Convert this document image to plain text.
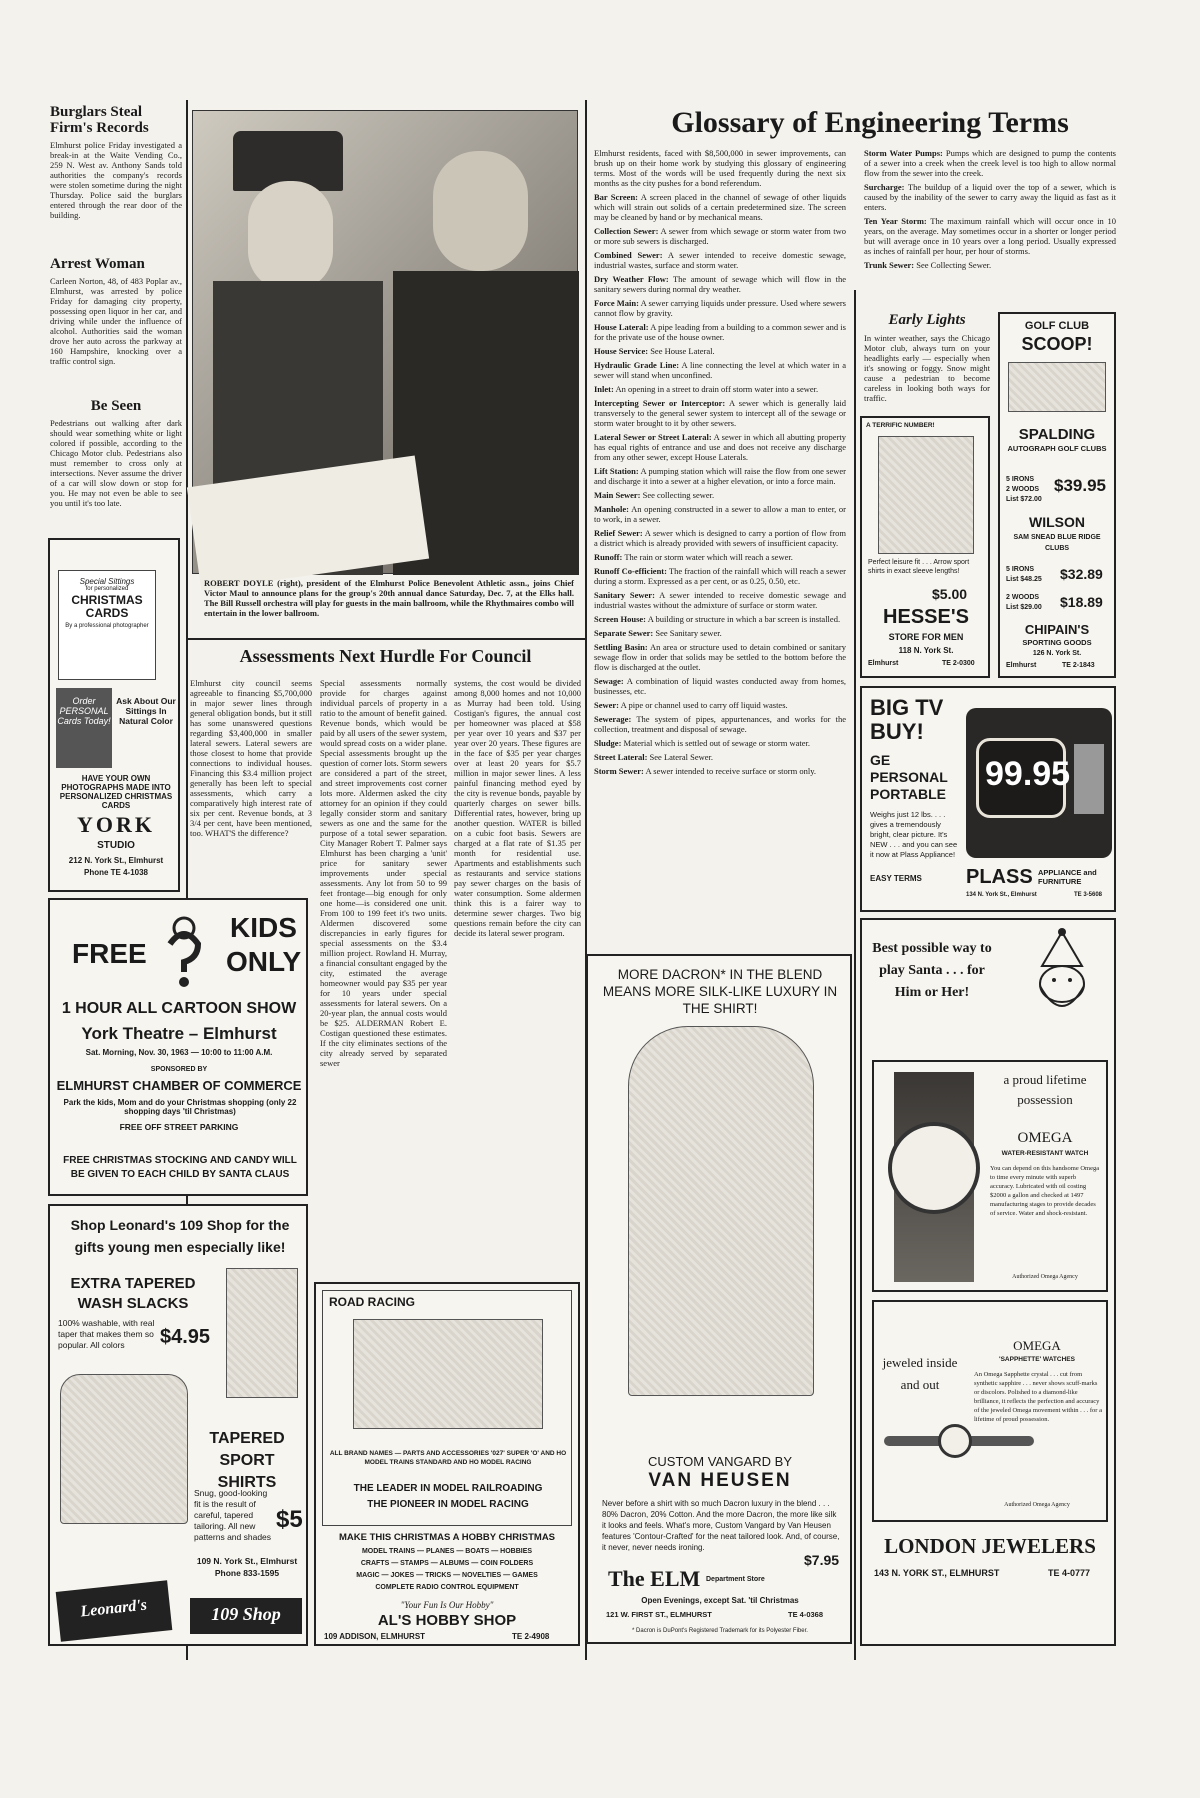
Burglars Steal Firm's Records
Elmhurst police Friday investigated a break-in at the Waite Vending Co., 259 N. West av. Anthony Sands told authorities the company's records were stolen sometime during the night Thursday. Police said the burglars entered through the rear door of the building.
Arrest Woman
Carleen Norton, 48, of 483 Poplar av., Elmhurst, was arrested by police Friday for damaging city property, possessing open liquor in her car, and driving while under the influence of alcohol. Authorities said the woman drove her auto across the parkway at 160 Hampshire, knocking over a traffic control sign.
Be Seen
Pedestrians out walking after dark should wear something white or light colored if possible, according to the Chicago Motor club. Pedestrians also must remember to cross only at intersections. Never assume the driver of a car will slow down or stop for you. He may not even be able to see you until it's too late.
ROBERT DOYLE (right), president of the Elmhurst Police Benevolent Athletic assn., joins Chief Victor Maul to announce plans for the group's 20th annual dance Saturday, Dec. 7, at the Elks hall. The Bill Russell orchestra will play for guests in the main ballroom, while the Rhythmaires combo will entertain in the lower ballroom.
Assessments Next Hurdle For Council
Elmhurst city council seems agreeable to financing $5,700,000 in major sewer lines through general obligation bonds, but it still has some unanswered questions regarding $3,400,000 in smaller lateral sewers. Lateral sewers are those closest to home that provide connections to individual houses. Financing this $3.4 million project generally has been left to special assessments, which carry a comparatively high interest rate of six per cent. Revenue bonds, at 3 3/4 per cent, have been mentioned, too. WHAT'S the difference?
Special assessments normally provide for charges against individual parcels of property in a ratio to the amount of benefit gained. Revenue bonds, which would be paid by all users of the sewer system, would spread costs on a wider plane. Special assessments brought up the question of corner lots. Storm sewers are considered a part of the street, and street improvements cost corner lots more. Aldermen asked the city attorney for an opinion if they could legally consider storm and sanitary sewers as one and the same for the purpose of a total sewer separation. City Manager Robert T. Palmer says Elmhurst has been charging a 'unit' price for sanitary sewer improvements under special assessments. Any lot from 50 to 99 feet frontage—big enough for only one home—is considered one unit. From 100 to 199 feet it's two units. Aldermen discovered some discrepancies in early figures for special assessments on the $3.4 million project. Rowland H. Murray, a financial consultant engaged by the city, estimated the average homeowner would pay $35 per year for 10 years under special assessments for lateral sewers. On a 20-year plan, the annual costs would be $25. ALDERMAN Robert E. Costigan questioned these estimates. If the city eliminates sections of the city already served by separated sewer
systems, the cost would be divided among 8,000 homes and not 10,000 as Murray had been told. Using Costigan's figures, the annual cost per homeowner was placed at $58 per year over 10 years and $37 per year over 20 years. These figures are in the face of $35 per year charges over at least 20 years for $5.7 million in major sewer lines. A less painful financing method eyed by the city is revenue bonds, payable by quarterly charges on sewer bills. Differential rates, however, bring up another question. WATER is billed on a cubic foot basis. Sewers are charged at a flat rate of $1.35 per month for residential use. Apartments and establishments such as restaurants and service stations pay sewer charges on the basis of water consumption. Some aldermen think this is a fairer way to determine sewer charges. Two big questions remain before the city can decide its lateral sewer program.
Glossary of Engineering Terms
Elmhurst residents, faced with $8,500,000 in sewer improvements, can brush up on their home work by studying this glossary of engineering terms. Most of the words will be used frequently during the next six months as the city pushes for a bond referendum.
Bar Screen: A screen placed in the channel of sewage of other liquids which will strain out solids of a certain predetermined size. The screen may be cleaned by hand or by mechanical means.
Collection Sewer: A sewer from which sewage or storm water from two or more sub sewers is discharged.
Combined Sewer: A sewer intended to receive domestic sewage, industrial wastes, surface and storm water.
Dry Weather Flow: The amount of sewage which will flow in the sanitary sewers during normal dry weather.
Force Main: A sewer carrying liquids under pressure. Used where sewers cannot flow by gravity.
House Lateral: A pipe leading from a building to a common sewer and is for the private use of the house owner.
House Service: See House Lateral.
Hydraulic Grade Line: A line connecting the level at which water in a sewer will stand when unconfined.
Inlet: An opening in a street to drain off storm water into a sewer.
Intercepting Sewer or Interceptor: A sewer which is generally laid transversely to the general sewer system to intercept all of the sewage or storm water brought to it by other sewers.
Lateral Sewer or Street Lateral: A sewer in which all abutting property has equal rights of entrance and use and does not receive any discharge from any other sewer, except House Laterals.
Lift Station: A pumping station which will raise the flow from one sewer and discharge it into a sewer at a higher elevation, or into a force main.
Main Sewer: See collecting sewer.
Manhole: An opening constructed in a sewer to allow a man to enter, or to work, in a sewer.
Relief Sewer: A sewer which is designed to carry a portion of flow from a district which is already provided with sewers of insufficient capacity.
Runoff: The rain or storm water which will reach a sewer.
Runoff Co-efficient: The fraction of the rainfall which will reach a sewer during a storm. Expressed as a per cent, or as 0.25, 0.50, etc.
Sanitary Sewer: A sewer intended to receive domestic sewage and industrial wastes without the admixture of surface or storm water.
Screen House: A building or structure in which a bar screen is installed.
Separate Sewer: See Sanitary sewer.
Settling Basin: An area or structure used to detain combined or sanitary sewage flow in order that solids may be settled to the bottom before the flow is discharged at the outlet.
Sewage: A combination of liquid wastes conducted away from homes, businesses, etc.
Sewer: A pipe or channel used to carry off liquid wastes.
Sewerage: The system of pipes, appurtenances, and works for the collection, treatment and disposal of sewage.
Sludge: Material which is settled out of sewage or storm water.
Street Lateral: See Lateral Sewer.
Storm Sewer: A sewer intended to receive surface or storm only.
Storm Water Pumps: Pumps which are designed to pump the contents of a sewer into a creek when the creek level is too high to allow normal flow from the sewer into the creek.
Surcharge: The buildup of a liquid over the top of a sewer, which is caused by the inability of the sewer to carry away the liquid as fast as it enters.
Ten Year Storm: The maximum rainfall which will occur once in 10 years, on the average. May sometimes occur in a shorter or longer period but will average once in 10 years over a long period. Usually expressed as inches of rainfall per hour, per hour of storms.
Trunk Sewer: See Collecting Sewer.
Early Lights
In winter weather, says the Chicago Motor club, always turn on your headlights early — especially when it's snowing or foggy. Snow might cause a pedestrian to become careless in looking both ways for traffic.
Special Sittings
for personalized
CHRISTMAS CARDS
By a professional photographer
Order PERSONAL Cards Today!
Ask About Our Sittings In Natural Color
HAVE YOUR OWN PHOTOGRAPHS MADE INTO PERSONALIZED CHRISTMAS CARDS
YORK
STUDIO
212 N. York St., Elmhurst
Phone TE 4-1038
FREE
KIDS
ONLY
1 HOUR ALL CARTOON SHOW
York Theatre – Elmhurst
Sat. Morning, Nov. 30, 1963 — 10:00 to 11:00 A.M.
SPONSORED BY
ELMHURST CHAMBER OF COMMERCE
Park the kids, Mom and do your Christmas shopping (only 22 shopping days 'til Christmas)
FREE OFF STREET PARKING
FREE CHRISTMAS STOCKING AND CANDY WILL BE GIVEN TO EACH CHILD BY SANTA CLAUS
Shop Leonard's 109 Shop for the gifts young men especially like!
EXTRA TAPERED WASH SLACKS
100% washable, with real taper that makes them so popular. All colors	$4.95
TAPERED SPORT SHIRTS
Snug, good-looking fit is the result of careful, tapered tailoring. All new patterns and shades
$5
109 N. York St., Elmhurst
Phone 833-1595
Leonard's	109 Shop
ROAD RACING
ALL BRAND NAMES — PARTS AND ACCESSORIES '027' SUPER 'O' AND HO MODEL TRAINS STANDARD AND HO MODEL RACING
THE LEADER IN MODEL RAILROADING
THE PIONEER IN MODEL RACING
MAKE THIS CHRISTMAS A HOBBY CHRISTMAS
MODEL TRAINS — PLANES — BOATS — HOBBIES
CRAFTS — STAMPS — ALBUMS — COIN FOLDERS
MAGIC — JOKES — TRICKS — NOVELTIES — GAMES
COMPLETE RADIO CONTROL EQUIPMENT
"Your Fun Is Our Hobby"
AL'S HOBBY SHOP
109 ADDISON, ELMHURST	TE 2-4908
MORE DACRON* IN THE BLEND MEANS MORE SILK-LIKE LUXURY IN THE SHIRT!
CUSTOM VANGARD BY
VAN HEUSEN
Never before a shirt with so much Dacron luxury in the blend . . . 80% Dacron, 20% Cotton. And the more Dacron, the more like silk it looks and feels. What's more, Custom Vangard by Van Heusen features 'Contour-Crafted' for the neat tailored look. And, of course, it never, never needs ironing.
$7.95
The ELM Department Store
Open Evenings, except Sat. 'til Christmas
121 W. FIRST ST., ELMHURST	TE 4-0368
* Dacron is DuPont's Registered Trademark for its Polyester Fiber.
A TERRIFIC NUMBER!
Perfect leisure fit . . . Arrow sport shirts in exact sleeve lengths!
$5.00
HESSE'S
STORE FOR MEN
118 N. York St.
Elmhurst	TE 2-0300
GOLF CLUB
SCOOP!
SPALDING
AUTOGRAPH GOLF CLUBS
5 IRONS
2 WOODS
List $72.00
$39.95
WILSON
SAM SNEAD BLUE RIDGE CLUBS
5 IRONS
List $48.25 $32.89
2 WOODS
List $29.00 $18.89
CHIPAIN'S
SPORTING GOODS
126 N. York St.
Elmhurst	TE 2-1843
BIG TV BUY!
GE PERSONAL PORTABLE
Weighs just 12 lbs. . . . gives a tremendously bright, clear picture. It's NEW . . . and you can see it now at Plass Appliance!
EASY TERMS
99.95
PLASS APPLIANCE and FURNITURE
134 N. York St., Elmhurst	TE 3-5608
Best possible way to play Santa . . . for Him or Her!
a proud lifetime possession
OMEGA
WATER-RESISTANT WATCH
You can depend on this handsome Omega to time every minute with superb accuracy. Lubricated with oil costing $2000 a gallon and checked at 1497 manufacturing stages to provide decades of service. Water and shock-resistant.
Authorized Omega Agency
jeweled inside and out
OMEGA
'SAPPHETTE' WATCHES
An Omega Sapphette crystal . . . cut from synthetic sapphire . . . never shows scuff-marks or discolors. Polished to a diamond-like brilliance, it reflects the perfection and accuracy of the jeweled Omega movement within . . . for a lifetime of proud possession.
Authorized Omega Agency
LONDON JEWELERS
143 N. YORK ST., ELMHURST	TE 4-0777
